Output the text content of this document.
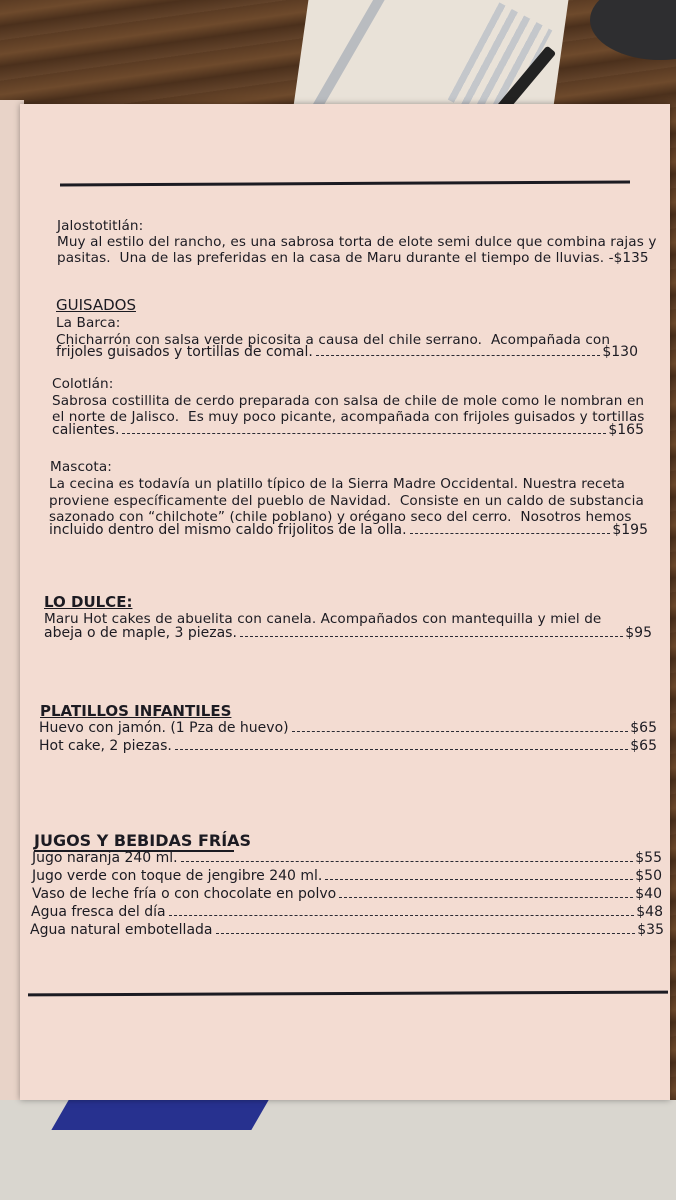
Jalostotitlán:
Muy al estilo del rancho, es una sabrosa torta de elote semi dulce que combina rajas y
pasitas.  Una de las preferidas en la casa de Maru durante el tiempo de lluvias. -$135
GUISADOS
La Barca:
Chicharrón con salsa verde picosita a causa del chile serrano.  Acompañada con
frijoles guisados y tortillas de comal.	$130
Colotlán:
Sabrosa costillita de cerdo preparada con salsa de chile de mole como le nombran en
el norte de Jalisco.  Es muy poco picante, acompañada con frijoles guisados y tortillas
calientes.	$165
Mascota:
La cecina es todavía un platillo típico de la Sierra Madre Occidental. Nuestra receta
proviene específicamente del pueblo de Navidad.  Consiste en un caldo de substancia
sazonado con “chilchote” (chile poblano) y orégano seco del cerro.  Nosotros hemos
incluido dentro del mismo caldo frijolitos de la olla.	$195
LO DULCE:
Maru Hot cakes de abuelita con canela. Acompañados con mantequilla y miel de
abeja o de maple, 3 piezas.	$95
PLATILLOS INFANTILES
Huevo con jamón. (1 Pza de huevo)	$65
Hot cake, 2 piezas.	$65
JUGOS Y BEBIDAS FRÍAS
Jugo naranja 240 ml.	$55
Jugo verde con toque de jengibre 240 ml.	$50
Vaso de leche fría o con chocolate en polvo	$40
Agua fresca del día	$48
Agua natural embotellada	$35
